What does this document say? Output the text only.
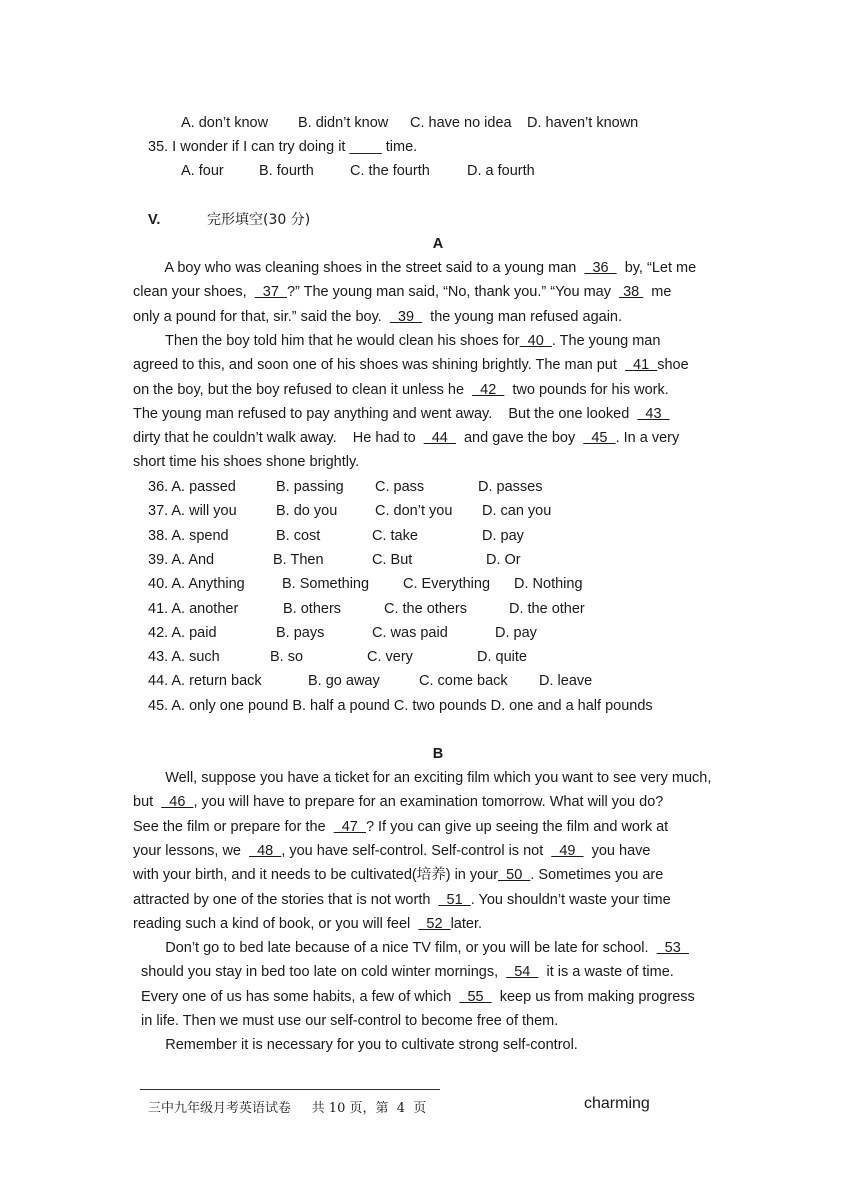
A. don’t know B. didn’t know C. have no idea D. haven’t known
35. I wonder if I can try doing it ____ time.
A. four B. fourth C. the fourth	D. a fourth
V.	完形填空(30 分)
A
A boy who was cleaning shoes in the street said to a young man    36    by, “Let me
clean your shoes,    37  ?” The young man said, “No, thank you.” “You may   38   me
only a pound for that, sir.” said the boy.    39    the young man refused again.
Then the boy told him that he would clean his shoes for  40  . The young man
agreed to this, and soon one of his shoes was shining brightly. The man put    41  shoe
on the boy, but the boy refused to clean it unless he    42    two pounds for his work.
The young man refused to pay anything and went away.    But the one looked    43
dirty that he couldn’t walk away.    He had to    44    and gave the boy    45  . In a very
short time his shoes shone brightly.
36. A. passed	B. passing C. pass	D. passes
37. A. will you	B. do you	C. don’t you D. can you
38. A. spend	B. cost	C. take	D. pay
39. A. And	B. Then	C. But	D. Or
40. A. Anything	B. Something C. Everything D. Nothing
41. A. another	B. others	C. the others	D. the other
42. A. paid	B. pays	C. was paid	D. pay
43. A. such	B. so	C. very	D. quite
44. A. return back	B. go away	C. come back D. leave
45. A. only one pound B. half a pound C. two pounds D. one and a half pounds
B
Well, suppose you have a ticket for an exciting film which you want to see very much,
but    46  , you will have to prepare for an examination tomorrow. What will you do?
See the film or prepare for the    47  ? If you can give up seeing the film and work at
your lessons, we    48  , you have self-control. Self-control is not    49    you have
with your birth, and it needs to be cultivated(培养) in your  50  . Sometimes you are
attracted by one of the stories that is not worth    51  . You shouldn’t waste your time
reading such a kind of book, or you will feel    52  later.
Don’t go to bed late because of a nice TV film, or you will be late for school.    53
should you stay in bed too late on cold winter mornings,    54    it is a waste of time.
Every one of us has some habits, a few of which    55    keep us from making progress
in life. Then we must use our self-control to become free of them.
Remember it is necessary for you to cultivate strong self-control.
三中九年级月考英语试卷     共 10 页，第  4  页	charming
